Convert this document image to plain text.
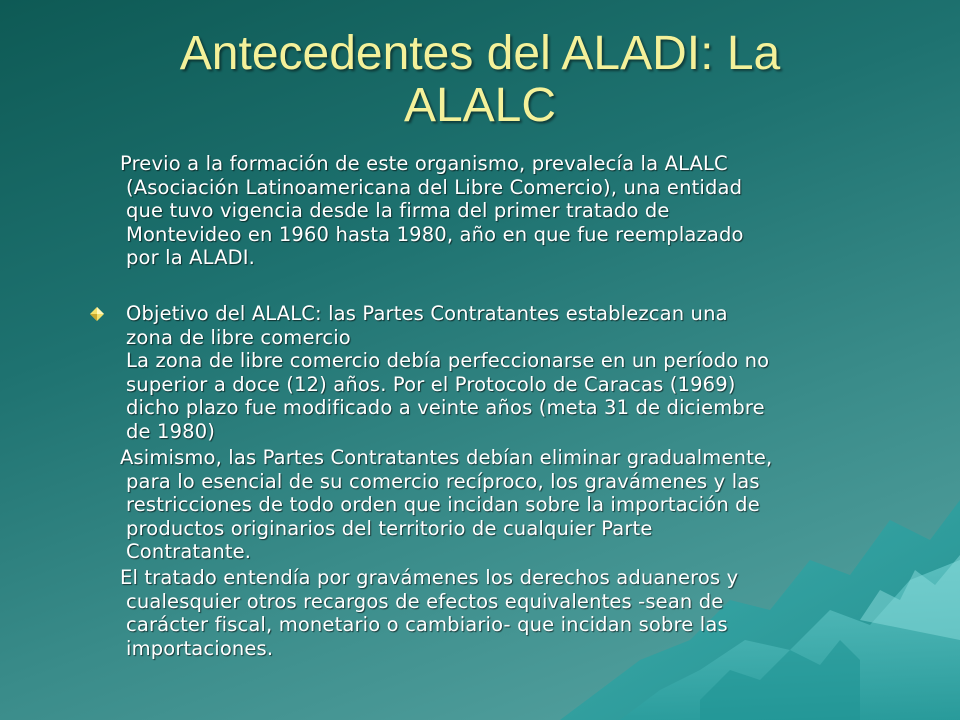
Antecedentes del ALADI: La
ALALC
Previo a la formación de este organismo, prevalecía la ALALC
(Asociación Latinoamericana del Libre Comercio), una entidad
que tuvo vigencia desde la firma del primer tratado de
Montevideo en 1960 hasta 1980, año en que fue reemplazado
por la ALADI.
Objetivo del ALALC: las Partes Contratantes establezcan una
zona de libre comercio
La zona de libre comercio debía perfeccionarse en un período no
superior a doce (12) años. Por el Protocolo de Caracas (1969)
dicho plazo fue modificado a veinte años (meta 31 de diciembre
de 1980)
Asimismo, las Partes Contratantes debían eliminar gradualmente,
para lo esencial de su comercio recíproco, los gravámenes y las
restricciones de todo orden que incidan sobre la importación de
productos originarios del territorio de cualquier Parte
Contratante.
El tratado entendía por gravámenes los derechos aduaneros y
cualesquier otros recargos de efectos equivalentes -sean de
carácter fiscal, monetario o cambiario- que incidan sobre las
importaciones.
